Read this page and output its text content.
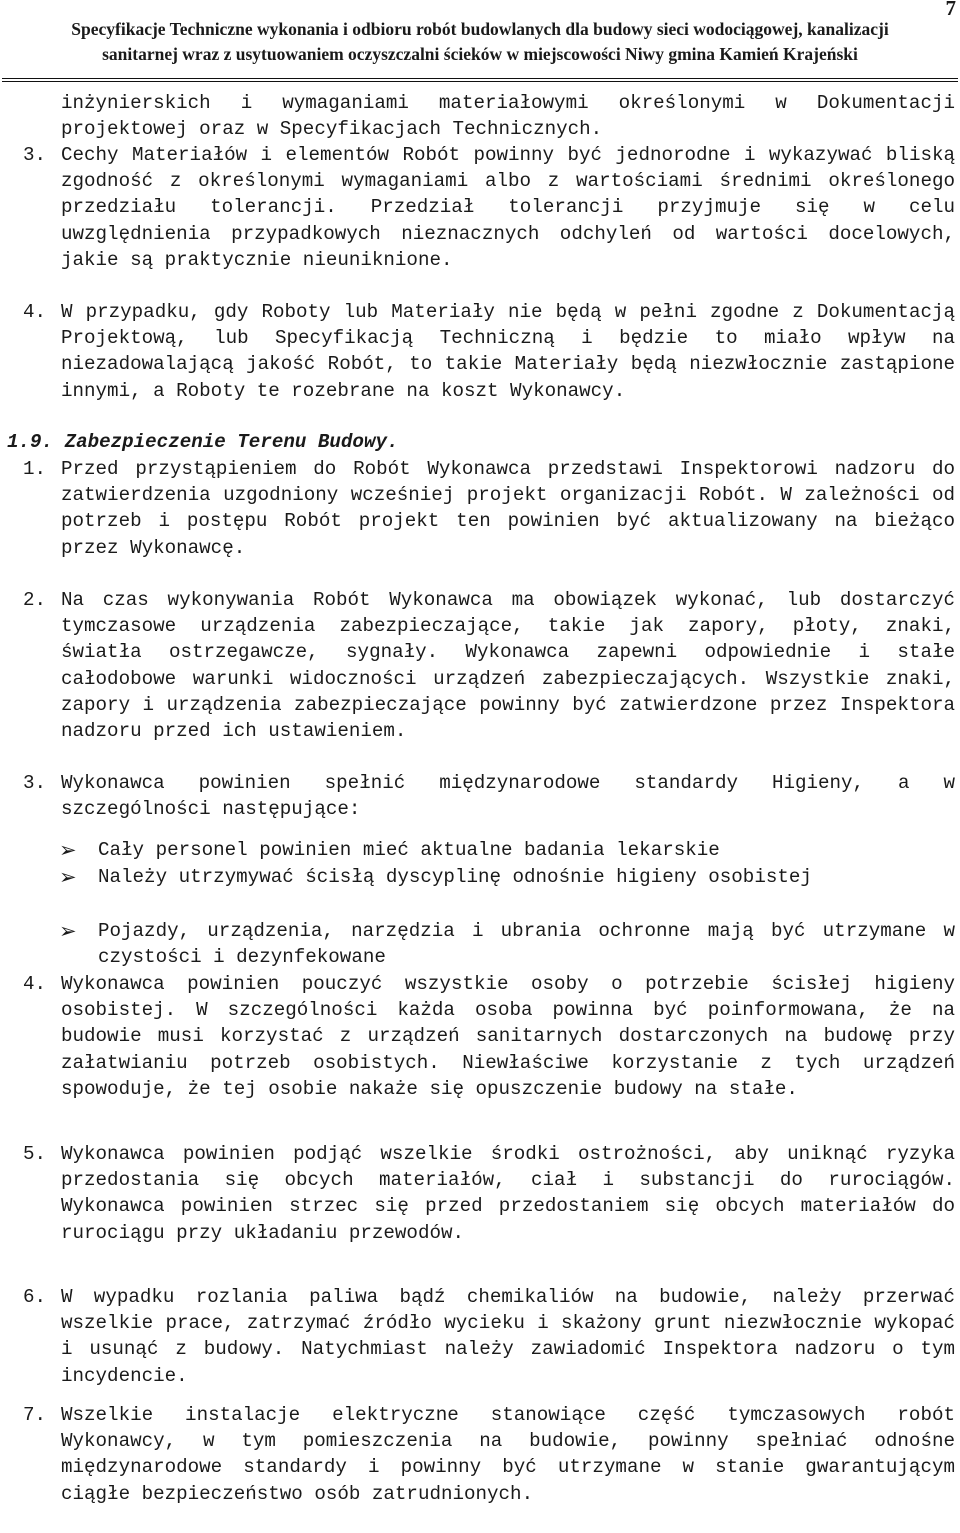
7
Specyfikacje Techniczne wykonania i odbioru robót budowlanych dla budowy sieci wodociągowej, kanalizacji
sanitarnej wraz z usytuowaniem oczyszczalni ścieków w miejscowości Niwy gmina Kamień Krajeński
inżynierskich i wymaganiami materiałowymi określonymi w Dokumentacji projektowej oraz w Specyfikacjach Technicznych.
3. Cechy Materiałów i elementów Robót powinny być jednorodne i wykazywać bliską zgodność z określonymi wymaganiami albo z wartościami średnimi określonego przedziału tolerancji. Przedział tolerancji przyjmuje się w celu uwzględnienia przypadkowych nieznacznych odchyleń od wartości docelowych, jakie są praktycznie nieuniknione.
4. W przypadku, gdy Roboty lub Materiały nie będą w pełni zgodne z Dokumentacją Projektową, lub Specyfikacją Techniczną i będzie to miało wpływ na niezadowalającą jakość Robót, to takie Materiały będą niezwłocznie zastąpione innymi, a Roboty te rozebrane na koszt Wykonawcy.
1.9. Zabezpieczenie Terenu Budowy.
1. Przed przystąpieniem do Robót Wykonawca przedstawi Inspektorowi nadzoru do zatwierdzenia uzgodniony wcześniej projekt organizacji Robót. W zależności od potrzeb i postępu Robót projekt ten powinien być aktualizowany na bieżąco przez Wykonawcę.
2. Na czas wykonywania Robót Wykonawca ma obowiązek wykonać, lub dostarczyć tymczasowe urządzenia zabezpieczające, takie jak zapory, płoty, znaki, światła ostrzegawcze, sygnały. Wykonawca zapewni odpowiednie i stałe całodobowe warunki widoczności urządzeń zabezpieczających. Wszystkie znaki, zapory i urządzenia zabezpieczające powinny być zatwierdzone przez Inspektora nadzoru przed ich ustawieniem.
3. Wykonawca powinien spełnić międzynarodowe standardy Higieny, a w szczególności następujące:
➢ Cały personel powinien mieć aktualne badania lekarskie
➢ Należy utrzymywać ścisłą dyscyplinę odnośnie higieny osobistej
➢ Pojazdy, urządzenia, narzędzia i ubrania ochronne mają być utrzymane w czystości i dezynfekowane
4. Wykonawca powinien pouczyć wszystkie osoby o potrzebie ścisłej higieny osobistej. W szczególności każda osoba powinna być poinformowana, że na budowie musi korzystać z urządzeń sanitarnych dostarczonych na budowę przy załatwianiu potrzeb osobistych. Niewłaściwe korzystanie z tych urządzeń spowoduje, że tej osobie nakaże się opuszczenie budowy na stałe.
5. Wykonawca powinien podjąć wszelkie środki ostrożności, aby uniknąć ryzyka przedostania się obcych materiałów, ciał i substancji do rurociągów. Wykonawca powinien strzec się przed przedostaniem się obcych materiałów do rurociągu przy układaniu przewodów.
6. W wypadku rozlania paliwa bądź chemikaliów na budowie, należy przerwać wszelkie prace, zatrzymać źródło wycieku i skażony grunt niezwłocznie wykopać i usunąć z budowy. Natychmiast należy zawiadomić Inspektora nadzoru o tym incydencie.
7. Wszelkie instalacje elektryczne stanowiące część tymczasowych robót Wykonawcy, w tym pomieszczenia na budowie, powinny spełniać odnośne międzynarodowe standardy i powinny być utrzymane w stanie gwarantującym ciągłe bezpieczeństwo osób zatrudnionych.
